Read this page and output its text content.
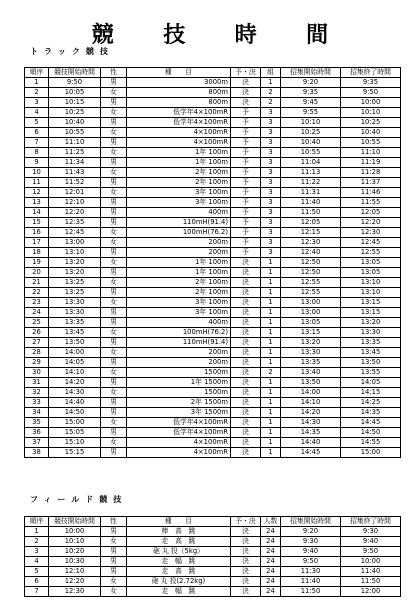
競 技 時 間
トラック競技
順序	競技開始時間	性	種　　目	予・決	組	招集開始時間	招集終了時間
1	9:50	男	3000m	決	1	9:20	9:35
2	10:05	女	800m	決	2	9:35	9:50
3	10:15	男	800m	決	2	9:45	10:00
4	10:25	女	低学年4×100mR	予	3	9:55	10:10
5	10:40	男	低学年4×100mR	予	3	10:10	10:25
6	10:55	女	4×100mR	予	3	10:25	10:40
7	11:10	男	4×100mR	予	3	10:40	10:55
8	11:25	女	1年 100m	予	3	10:55	11:10
9	11:34	男	1年 100m	予	3	11:04	11:19
10	11:43	女	2年 100m	予	3	11:13	11:28
11	11:52	男	2年 100m	予	3	11:22	11:37
12	12:01	女	3年 100m	予	3	11:31	11:46
13	12:10	男	3年 100m	予	3	11:40	11:55
14	12:20	男	400m	予	3	11:50	12:05
15	12:35	男	110mH(91.4)	予	3	12:05	12:20
16	12:45	女	100mH(76.2)	予	3	12:15	12:30
17	13:00	女	200m	予	3	12:30	12:45
18	13:10	男	200m	予	3	12:40	12:55
19	13:20	女	1年 100m	決	1	12:50	13:05
20	13:20	男	1年 100m	決	1	12:50	13:05
21	13:25	女	2年 100m	決	1	12:55	13:10
22	13:25	男	2年 100m	決	1	12:55	13:10
23	13:30	女	3年 100m	決	1	13:00	13:15
24	13:30	男	3年 100m	決	1	13:00	13:15
25	13:35	男	400m	決	1	13:05	13:20
26	13:45	女	100mH(76.2)	決	1	13:15	13:30
27	13:50	男	110mH(91.4)	決	1	13:20	13:35
28	14:00	女	200m	決	1	13:30	13:45
29	14:05	男	200m	決	1	13:35	13:50
30	14:10	女	1500m	決	2	13:40	13:55
31	14:20	男	1年 1500m	決	1	13:50	14:05
32	14:30	女	1500m	決	1	14:00	14:15
33	14:40	男	2年 1500m	決	1	14:10	14:25
34	14:50	男	3年 1500m	決	1	14:20	14:35
35	15:00	女	低学年4×100mR	決	1	14:30	14:45
36	15:05	男	低学年4×100mR	決	1	14:35	14:50
37	15:10	女	4×100mR	決	1	14:40	14:55
38	15:15	男	4×100mR	決	1	14:45	15:00
フィールド競技
順序	競技開始時間	性	種　　目	予・決	人数	招集開始時間	招集終了時間
1	10:00	男	棒　高　跳	決	24	9:20	9:30
2	10:10	女	走　高　跳	決	24	9:30	9:40
3	10:20	男	砲 丸 投（5kg）	決	24	9:40	9:50
4	10:30	男	走　幅　跳	決	24	9:50	10:00
5	12:10	男	走　高　跳	決	24	11:30	11:40
6	12:20	女	砲 丸 投(2.72kg)	決	24	11:40	11:50
7	12:30	女	走　幅　跳	決	24	11:50	12:00
